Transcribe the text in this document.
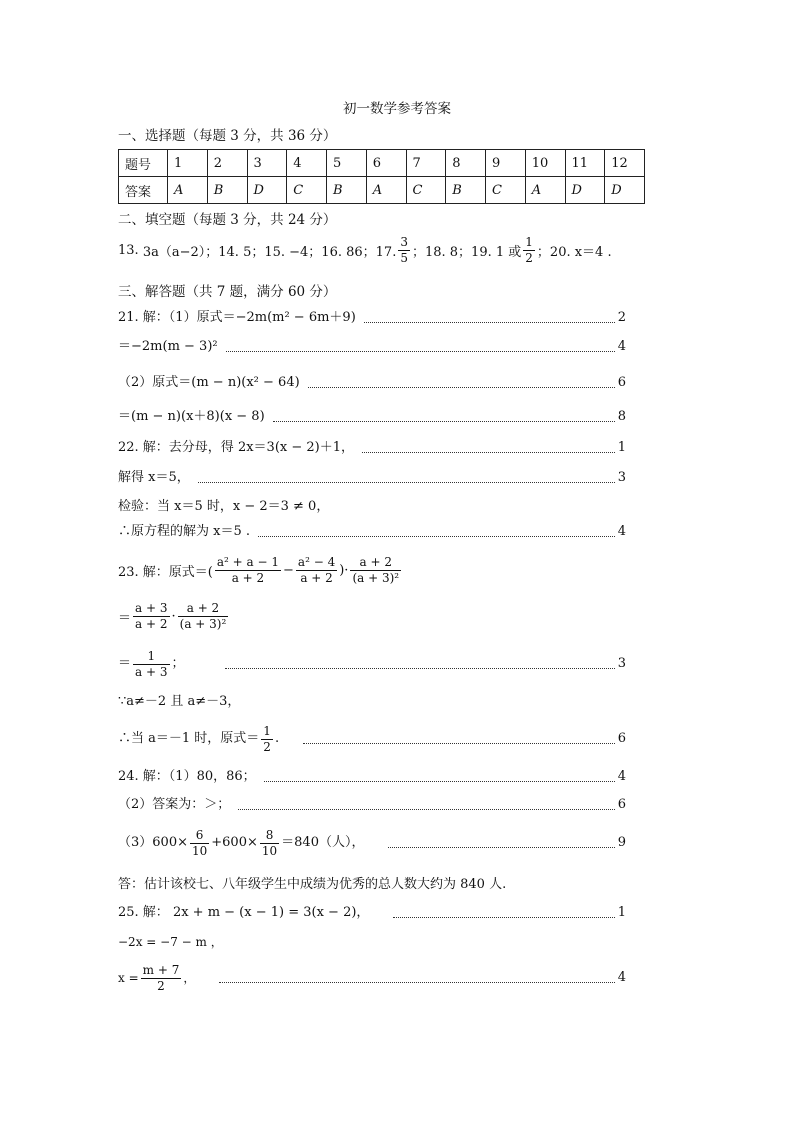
初一数学参考答案
一、选择题（每题 3 分，共 36 分）
题号	1	2	3	4	5	6	7	8	9	10	11	12
答案	A	B	D	C	B	A	C	B	C	A	D	D
二、填空题（每题 3 分，共 24 分）
13.
3a（a−2）；14. 5；15. −4；16. 86；17. $\frac{3}{5}$ ；18. 8；19. 1 或 $\frac{1}{2}$ ；20. x＝4 .
三、解答题（共 7 题，满分 60 分）
21. 解：（1）原式＝−2m(m² − 6m＋9)	2
＝−2m(m − 3)²	4
（2）原式＝(m − n)(x² − 64)	6
＝(m − n)(x＋8)(x − 8)	8
22. 解：去分母，得 2x＝3(x − 2)＋1，	1
解得 x＝5，	3
检验：当 x＝5 时，x − 2＝3 ≠ 0，
∴原方程的解为 x＝5 .	4
23. 解：原式＝( $\frac{\text{a² + a − 1}}{a + 2} - \frac{\text{a² − 4}}{a + 2}$ )· $\frac{a + 2}{\text{(a + 3)²}}$
＝ $\frac{a + 3}{a + 2} \cdot \frac{a + 2}{\text{(a + 3)²}}$
＝ $\frac{1}{a + 3}$ ；	3
∵a≠－2 且 a≠－3，
∴当 a＝－1 时，原式＝ $\frac{1}{2}$ .	6
24. 解：（1）80，86；	4
（2）答案为：＞；	6
$(3)600\times \frac{6}{10} +600\times \frac{8}{10} =840$（人），	9
答：估计该校七、八年级学生中成绩为优秀的总人数大约为 840 人.
25. 解： 2x + m − (x − 1) = 3(x − 2)，	1
−2x = −7 − m ，
$x = \frac{m + 7}{2}$ ，	4
